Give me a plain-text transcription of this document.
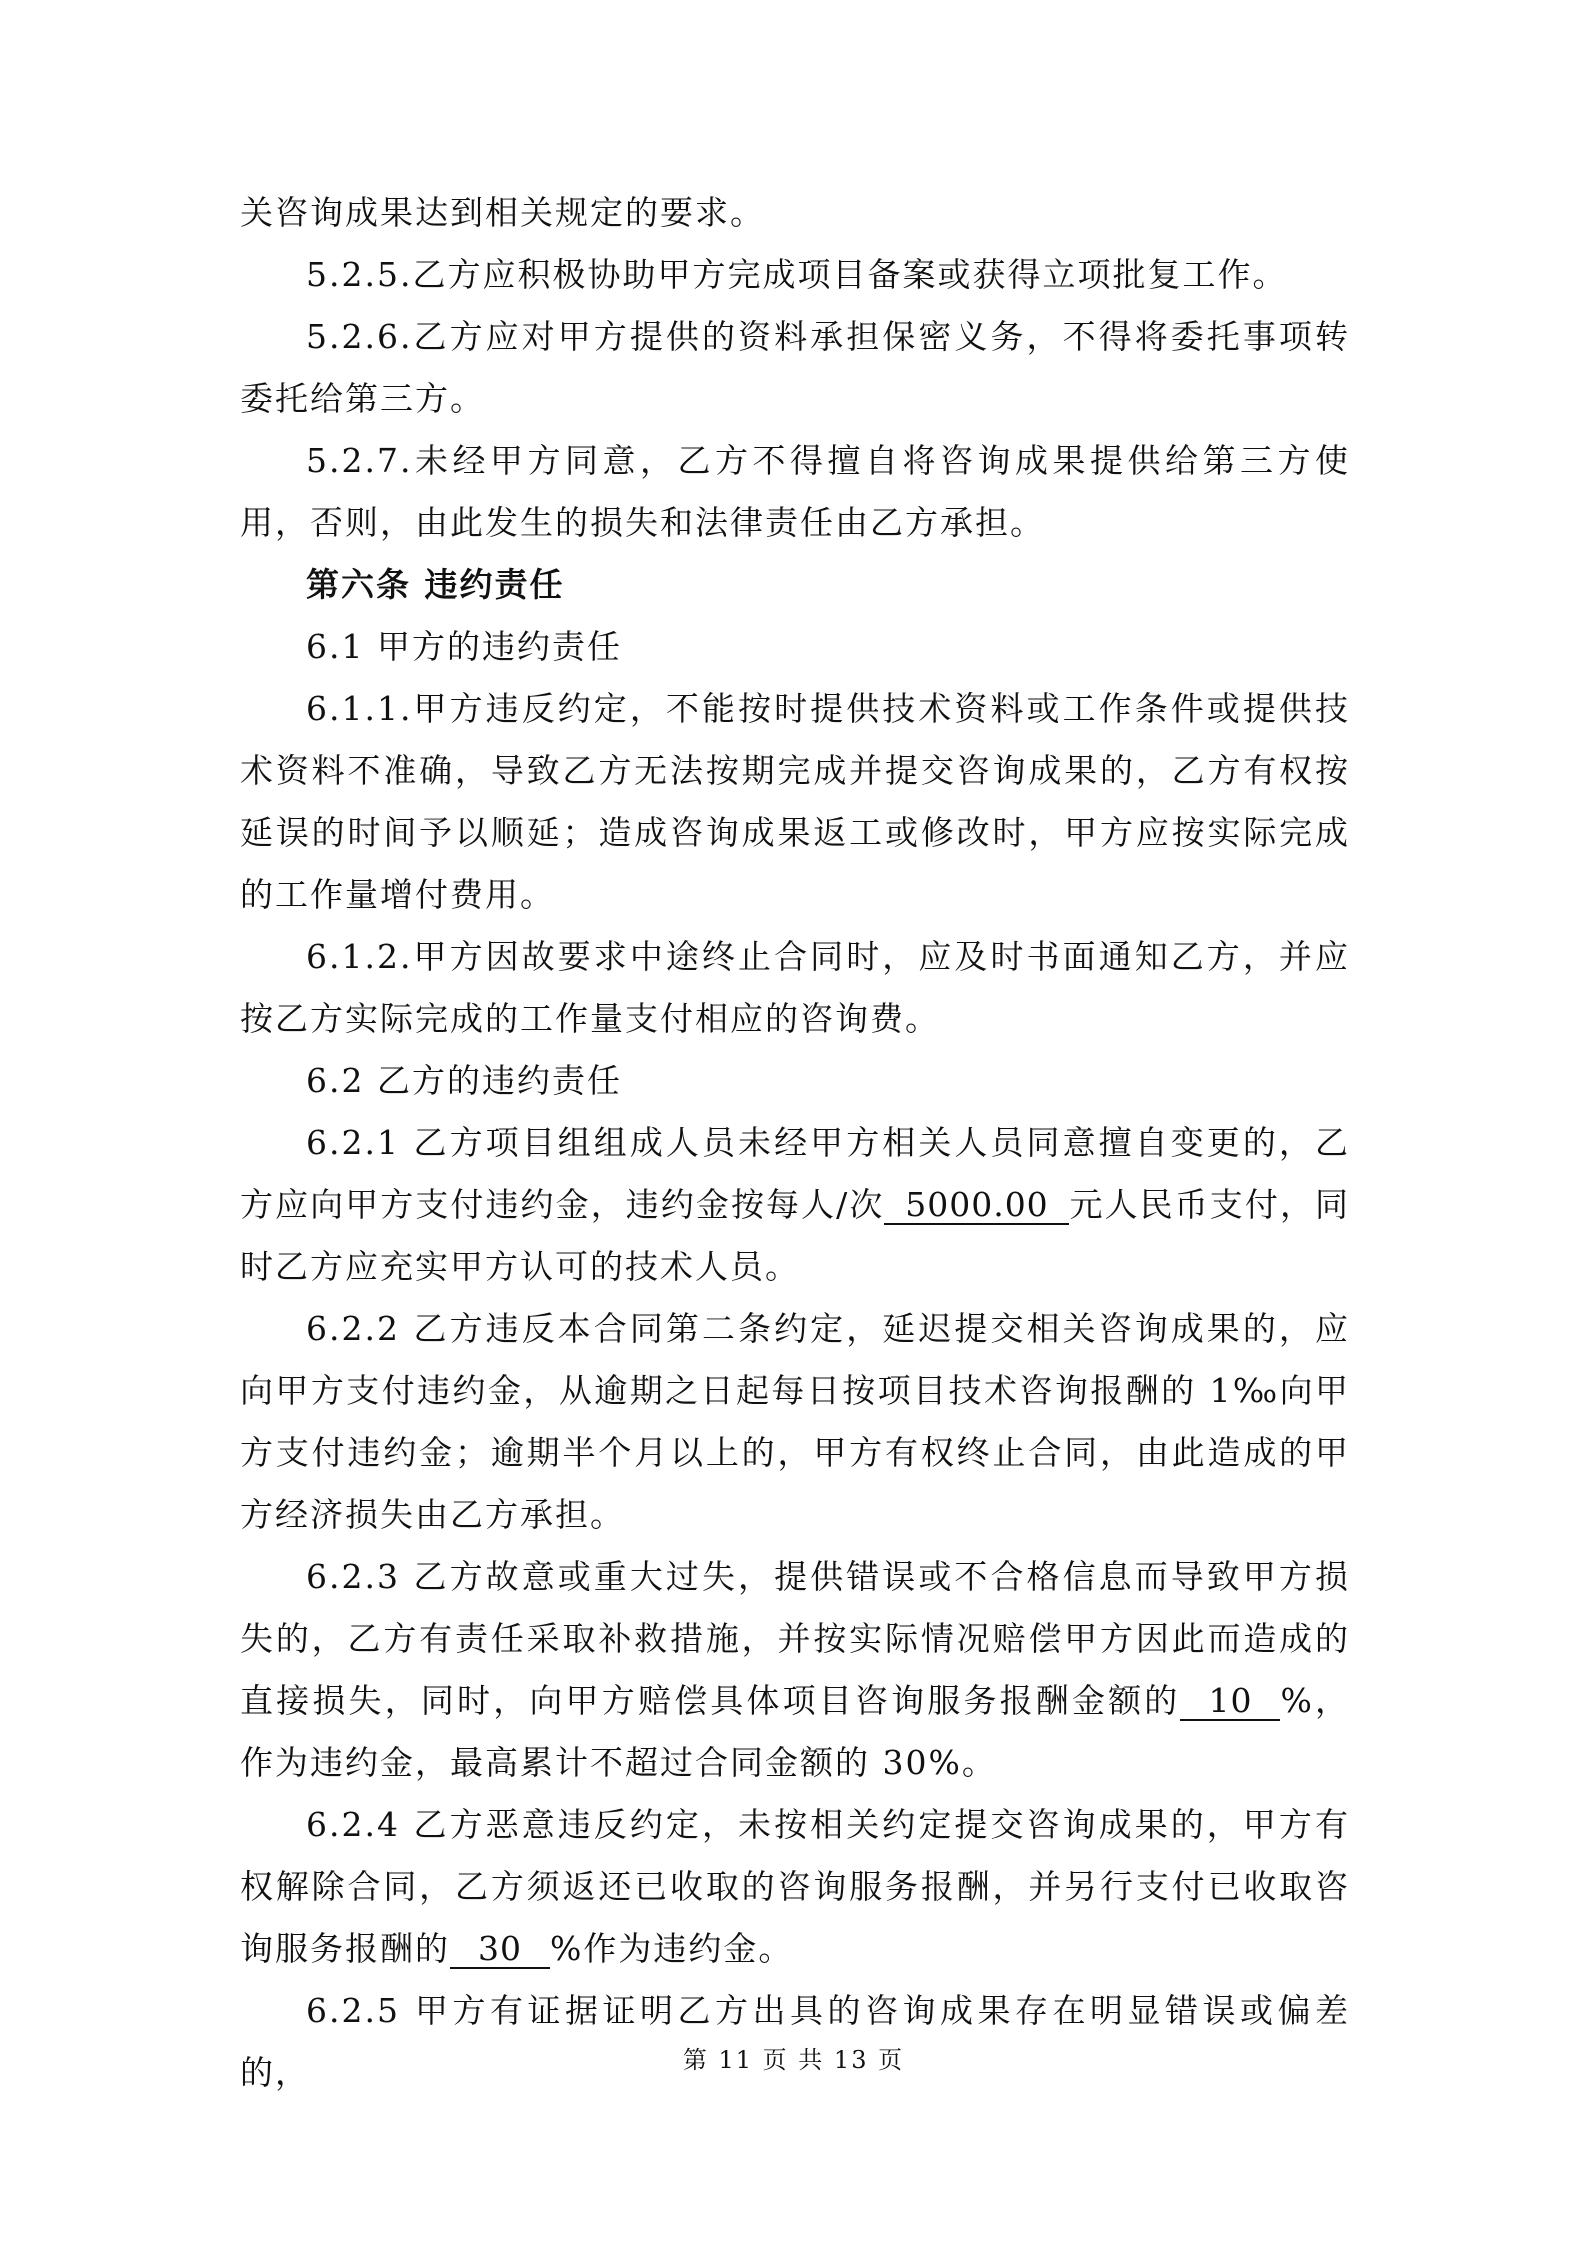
关咨询成果达到相关规定的要求。

5.2.5.乙方应积极协助甲方完成项目备案或获得立项批复工作。

5.2.6.乙方应对甲方提供的资料承担保密义务，不得将委托事项转委托给第三方。

5.2.7.未经甲方同意，乙方不得擅自将咨询成果提供给第三方使用，否则，由此发生的损失和法律责任由乙方承担。

第六条 违约责任

6.1 甲方的违约责任

6.1.1.甲方违反约定，不能按时提供技术资料或工作条件或提供技术资料不准确，导致乙方无法按期完成并提交咨询成果的，乙方有权按延误的时间予以顺延；造成咨询成果返工或修改时，甲方应按实际完成的工作量增付费用。

6.1.2.甲方因故要求中途终止合同时，应及时书面通知乙方，并应按乙方实际完成的工作量支付相应的咨询费。

6.2 乙方的违约责任

6.2.1 乙方项目组组成人员未经甲方相关人员同意擅自变更的，乙方应向甲方支付违约金，违约金按每人/次 5000.00 元人民币支付，同时乙方应充实甲方认可的技术人员。

6.2.2 乙方违反本合同第二条约定，延迟提交相关咨询成果的，应向甲方支付违约金，从逾期之日起每日按项目技术咨询报酬的 1‰向甲方支付违约金；逾期半个月以上的，甲方有权终止合同，由此造成的甲方经济损失由乙方承担。

6.2.3 乙方故意或重大过失，提供错误或不合格信息而导致甲方损失的，乙方有责任采取补救措施，并按实际情况赔偿甲方因此而造成的直接损失，同时，向甲方赔偿具体项目咨询服务报酬金额的 10 %，作为违约金，最高累计不超过合同金额的 30%。

6.2.4 乙方恶意违反约定，未按相关约定提交咨询成果的，甲方有权解除合同，乙方须返还已收取的咨询服务报酬，并另行支付已收取咨询服务报酬的 30 %作为违约金。

6.2.5 甲方有证据证明乙方出具的咨询成果存在明显错误或偏差的，	第 11 页 共 13 页
